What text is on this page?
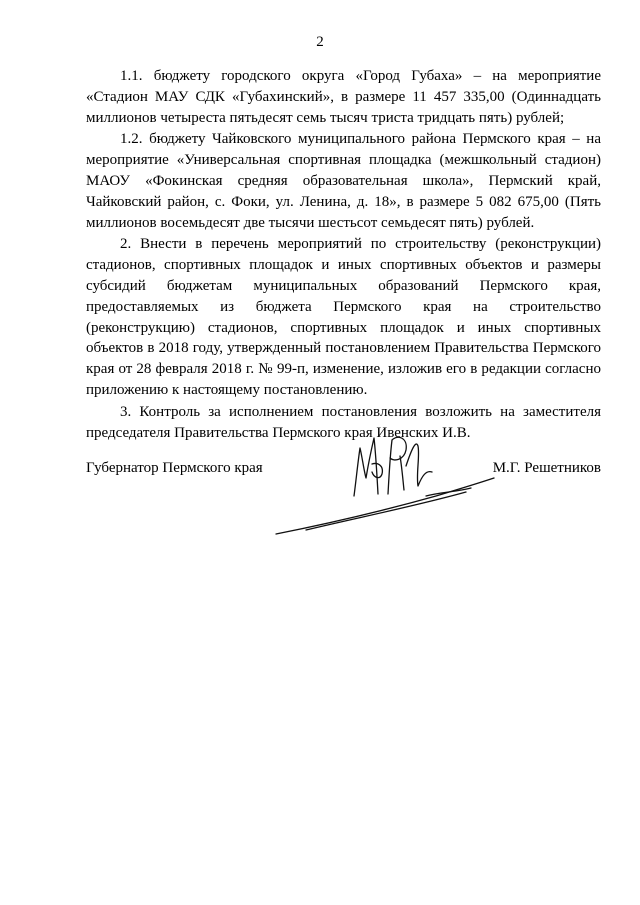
2

1.1. бюджету городского округа «Город Губаха» – на мероприятие «Стадион МАУ СДК «Губахинский», в размере 11 457 335,00 (Одиннадцать миллионов четыреста пятьдесят семь тысяч триста тридцать пять) рублей;

1.2. бюджету Чайковского муниципального района Пермского края – на мероприятие «Универсальная спортивная площадка (межшкольный стадион) МАОУ «Фокинская средняя образовательная школа», Пермский край, Чайковский район, с. Фоки, ул. Ленина, д. 18», в размере 5 082 675,00 (Пять миллионов восемьдесят две тысячи шестьсот семьдесят пять) рублей.

2. Внести в перечень мероприятий по строительству (реконструкции) стадионов, спортивных площадок и иных спортивных объектов и размеры субсидий бюджетам муниципальных образований Пермского края, предоставляемых из бюджета Пермского края на строительство (реконструкцию) стадионов, спортивных площадок и иных спортивных объектов в 2018 году, утвержденный постановлением Правительства Пермского края от 28 февраля 2018 г. № 99-п, изменение, изложив его в редакции согласно приложению к настоящему постановлению.

3. Контроль за исполнением постановления возложить на заместителя председателя Правительства Пермского края Ивенских И.В.

Губернатор Пермского края	М.Г. Решетников
